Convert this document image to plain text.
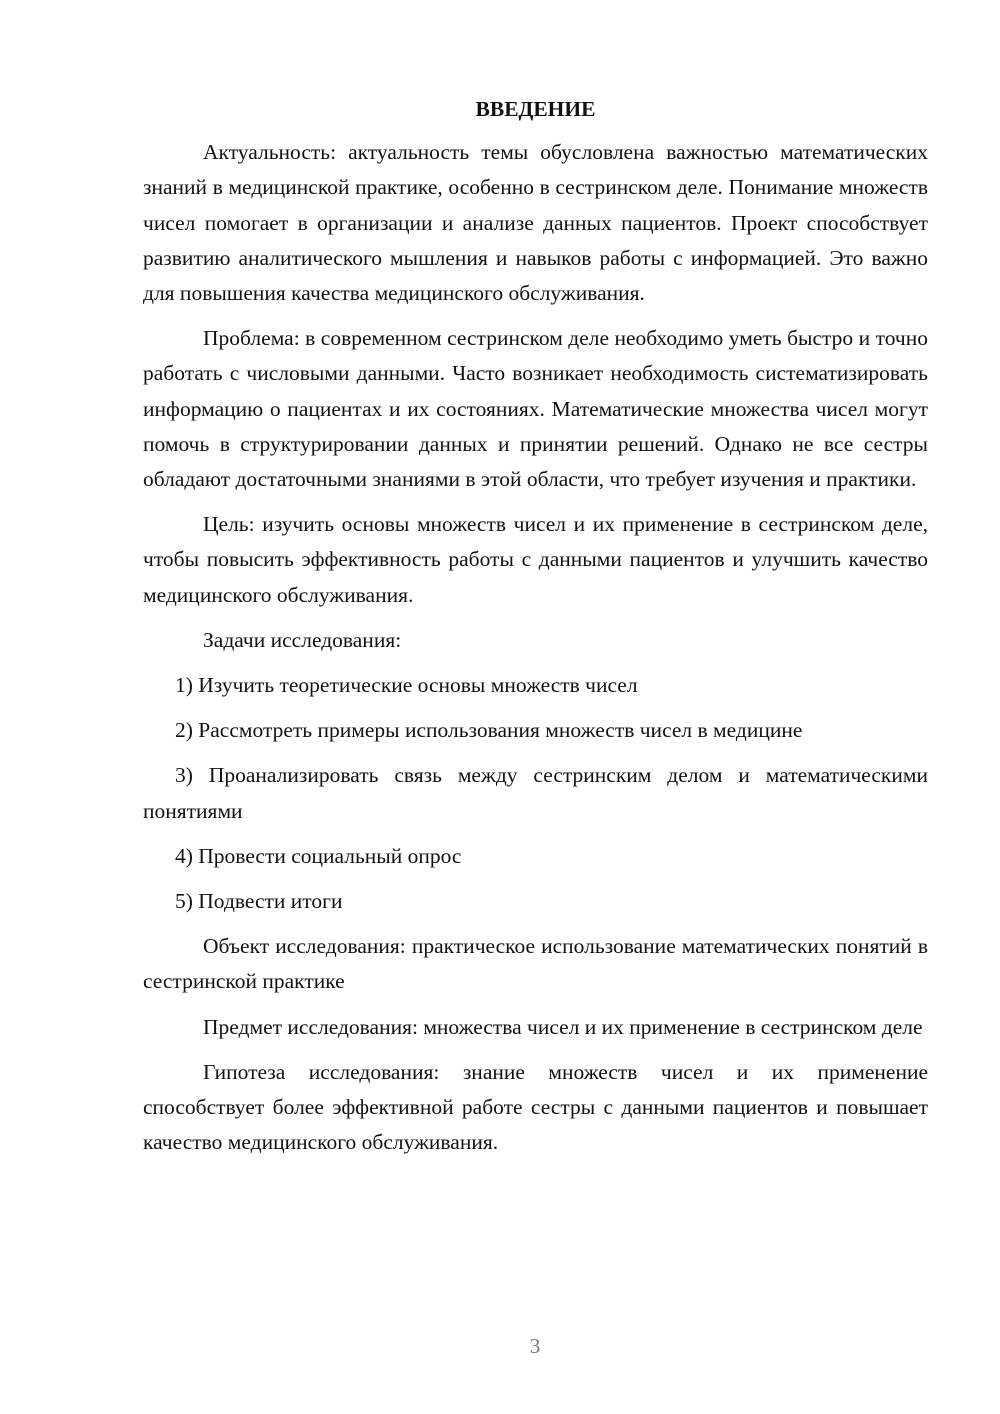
ВВЕДЕНИЕ

Актуальность: актуальность темы обусловлена важностью математических знаний в медицинской практике, особенно в сестринском деле. Понимание множеств чисел помогает в организации и анализе данных пациентов. Проект способствует развитию аналитического мышления и навыков работы с информацией. Это важно для повышения качества медицинского обслуживания.

Проблема: в современном сестринском деле необходимо уметь быстро и точно работать с числовыми данными. Часто возникает необходимость систематизировать информацию о пациентах и их состояниях. Математические множества чисел могут помочь в структурировании данных и принятии решений. Однако не все сестры обладают достаточными знаниями в этой области, что требует изучения и практики.

Цель: изучить основы множеств чисел и их применение в сестринском деле, чтобы повысить эффективность работы с данными пациентов и улучшить качество медицинского обслуживания.

Задачи исследования:

1) Изучить теоретические основы множеств чисел

2) Рассмотреть примеры использования множеств чисел в медицине

3) Проанализировать связь между сестринским делом и математическими понятиями

4) Провести социальный опрос

5) Подвести итоги

Объект исследования: практическое использование математических понятий в сестринской практике

Предмет исследования: множества чисел и их применение в сестринском деле

Гипотеза исследования: знание множеств чисел и их применение способствует более эффективной работе сестры с данными пациентов и повышает качество медицинского обслуживания.

3
